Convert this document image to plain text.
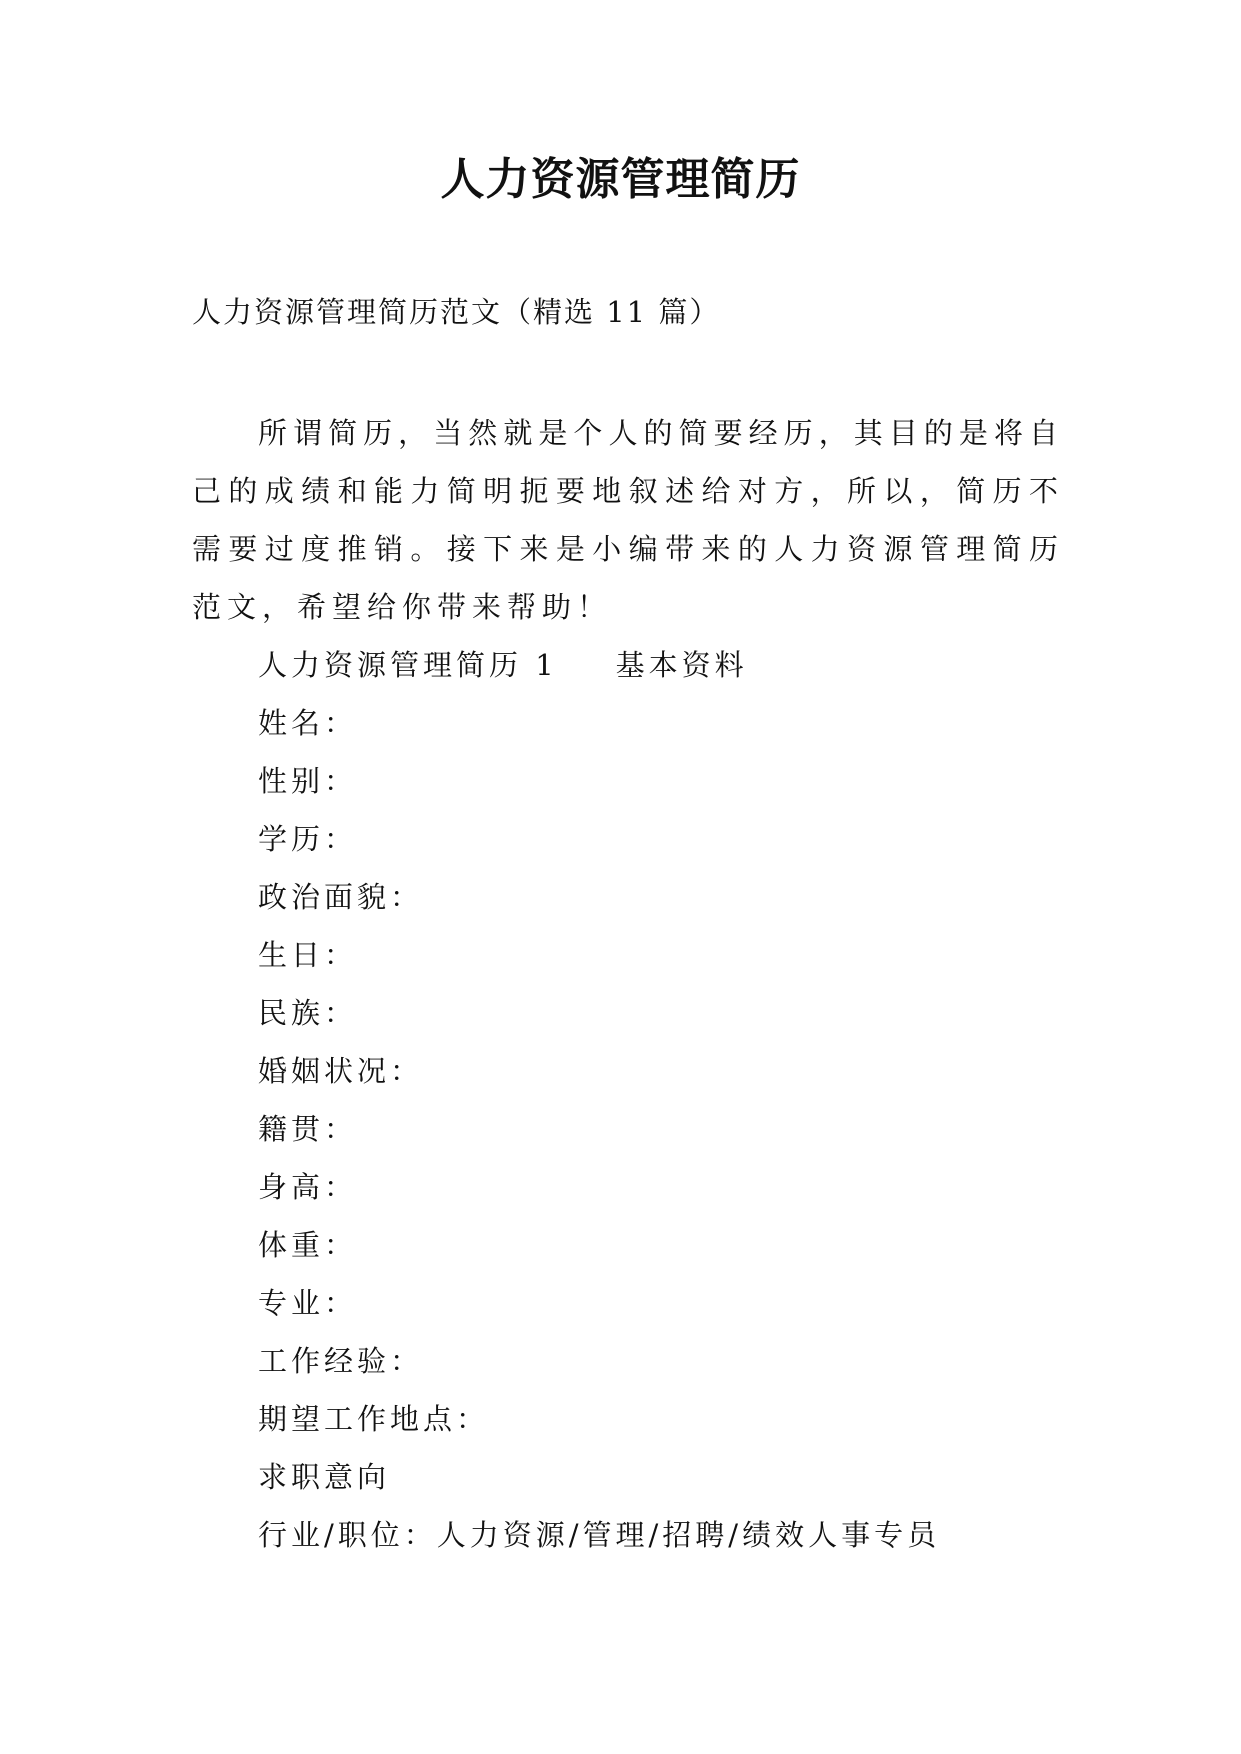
人力资源管理简历
人力资源管理简历范文（精选 11 篇）

所谓简历，当然就是个人的简要经历，其目的是将自己的成绩和能力简明扼要地叙述给对方，所以，简历不需要过度推销。接下来是小编带来的人力资源管理简历范文，希望给你带来帮助！

人力资源管理简历 1 基本资料
姓名：
性别：
学历：
政治面貌：
生日：
民族：
婚姻状况：
籍贯：
身高：
体重：
专业：
工作经验：
期望工作地点：
求职意向
行业/职位：人力资源/管理/招聘/绩效人事专员
